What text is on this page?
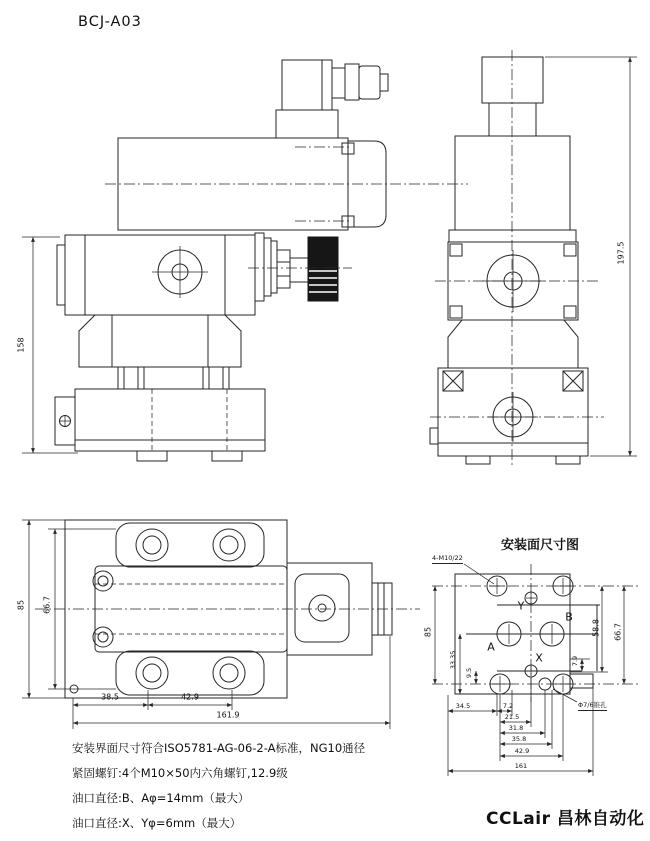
BCJ-A03
158
197.5
85 66.7
38.5	42.9
161.9
安装面尺寸图
4-M10/22
Φ7/6锥孔
A
B
X
Y
85
33.35
9.5
7.9
58.8 66.7
34.5	7.2
21.5
31.8
35.8
42.9
161
安装界面尺寸符合ISO5781-AG-06-2-A标准，NG10通径
紧固螺钉:4个M10×50内六角螺钉,12.9级
油口直径:B、Aφ=14mm（最大）
油口直径:X、Yφ=6mm（最大）	CCLair 昌林自动化
